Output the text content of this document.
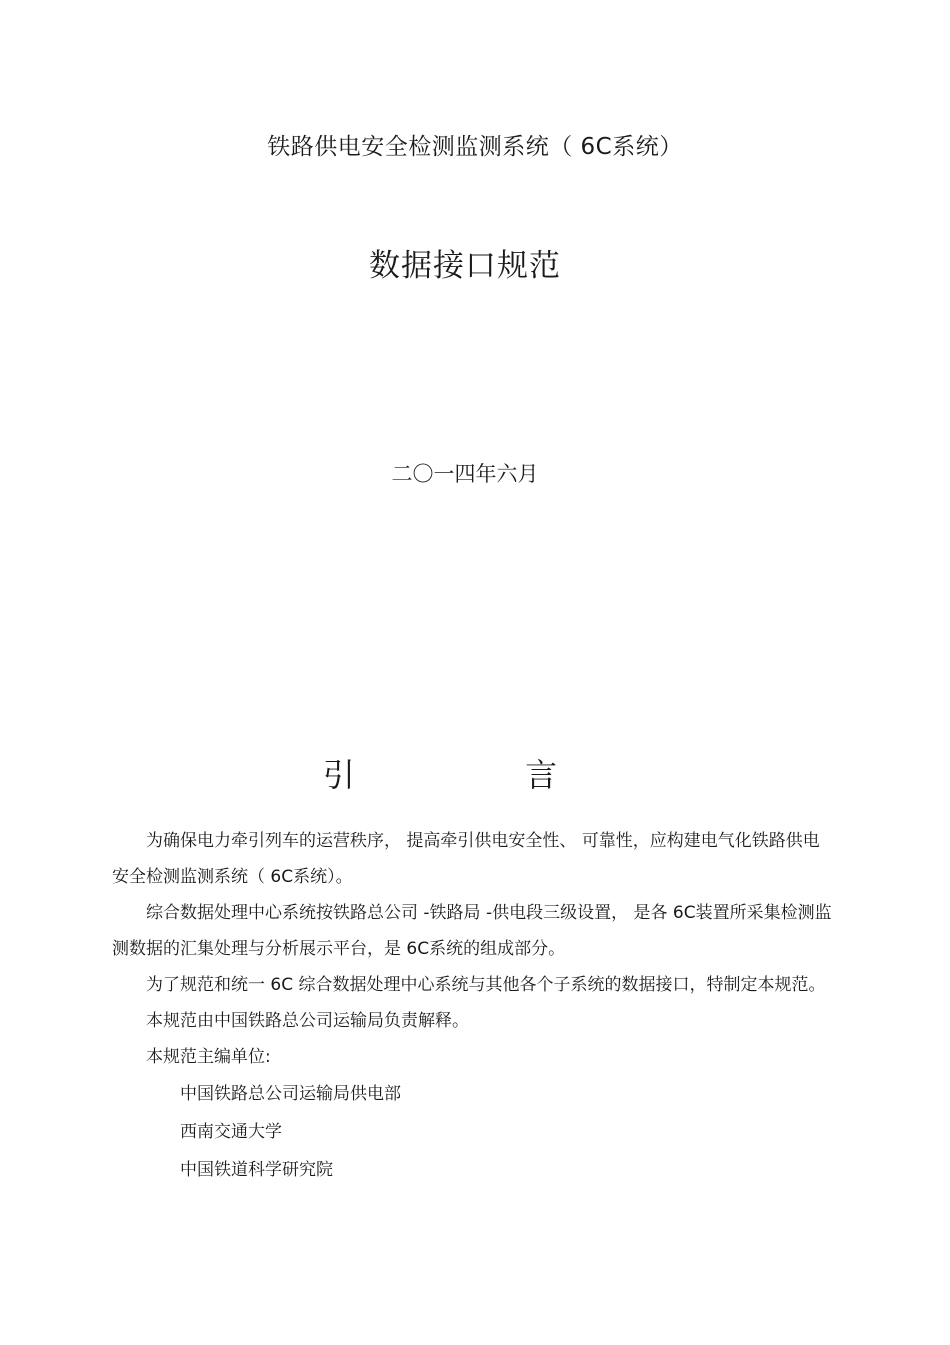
铁路供电安全检测监测系统（ 6C系统）
数据接口规范
二〇一四年六月
引 言

为确保电力牵引列车的运营秩序， 提高牵引供电安全性、 可靠性，应构建电气化铁路供电安全检测监测系统（ 6C系统）。

综合数据处理中心系统按铁路总公司 -铁路局 -供电段三级设置， 是各 6C装置所采集检测监测数据的汇集处理与分析展示平台，是 6C系统的组成部分。

为了规范和统一 6C 综合数据处理中心系统与其他各个子系统的数据接口，特制定本规范。

本规范由中国铁路总公司运输局负责解释。

本规范主编单位:

中国铁路总公司运输局供电部

西南交通大学

中国铁道科学研究院
